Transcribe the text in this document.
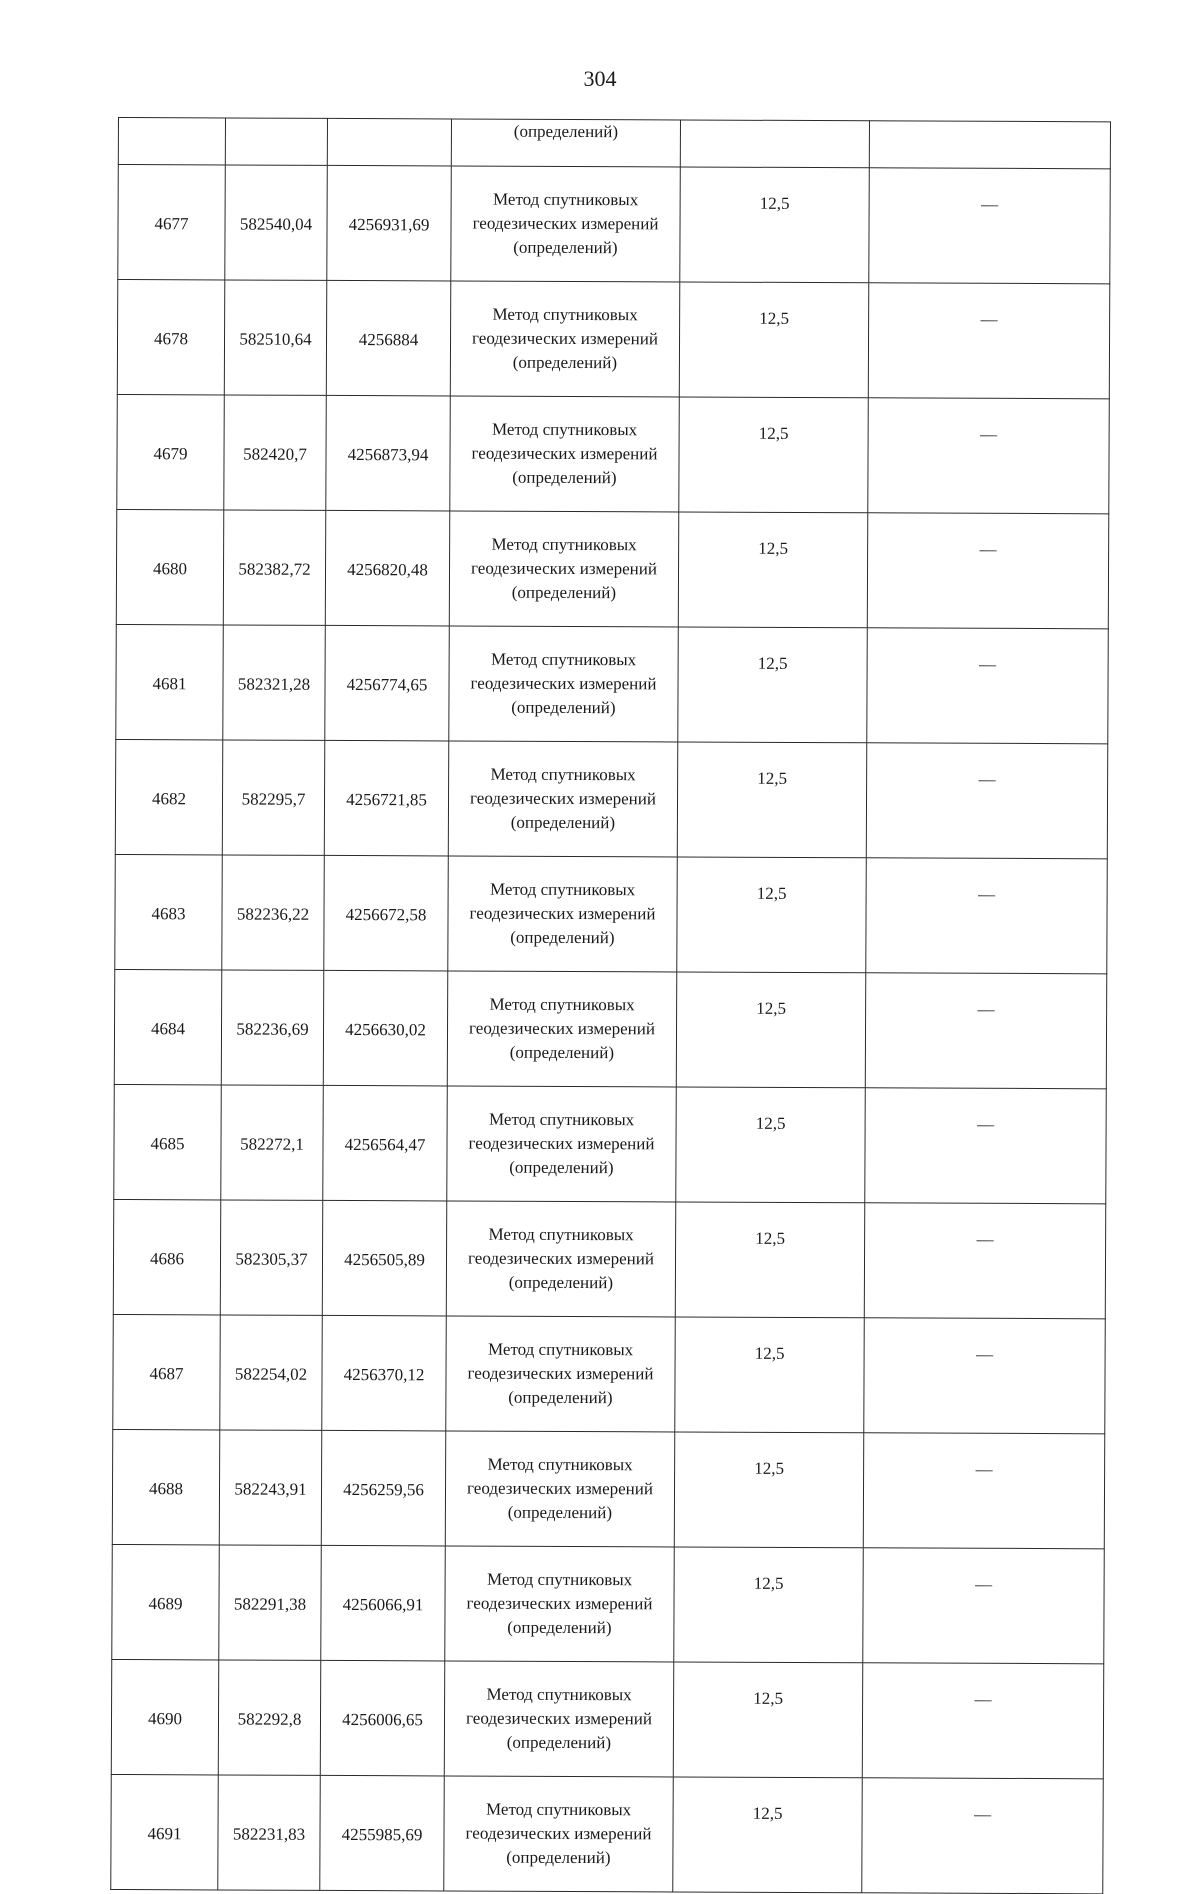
304
			(определений)		
4677	582540,04	4256931,69	Метод спутниковых
геодезических измерений
(определений)	12,5	—
4678	582510,64	4256884	Метод спутниковых
геодезических измерений
(определений)	12,5	—
4679	582420,7	4256873,94	Метод спутниковых
геодезических измерений
(определений)	12,5	—
4680	582382,72	4256820,48	Метод спутниковых
геодезических измерений
(определений)	12,5	—
4681	582321,28	4256774,65	Метод спутниковых
геодезических измерений
(определений)	12,5	—
4682	582295,7	4256721,85	Метод спутниковых
геодезических измерений
(определений)	12,5	—
4683	582236,22	4256672,58	Метод спутниковых
геодезических измерений
(определений)	12,5	—
4684	582236,69	4256630,02	Метод спутниковых
геодезических измерений
(определений)	12,5	—
4685	582272,1	4256564,47	Метод спутниковых
геодезических измерений
(определений)	12,5	—
4686	582305,37	4256505,89	Метод спутниковых
геодезических измерений
(определений)	12,5	—
4687	582254,02	4256370,12	Метод спутниковых
геодезических измерений
(определений)	12,5	—
4688	582243,91	4256259,56	Метод спутниковых
геодезических измерений
(определений)	12,5	—
4689	582291,38	4256066,91	Метод спутниковых
геодезических измерений
(определений)	12,5	—
4690	582292,8	4256006,65	Метод спутниковых
геодезических измерений
(определений)	12,5	—
4691	582231,83	4255985,69	Метод спутниковых
геодезических измерений
(определений)	12,5	—
